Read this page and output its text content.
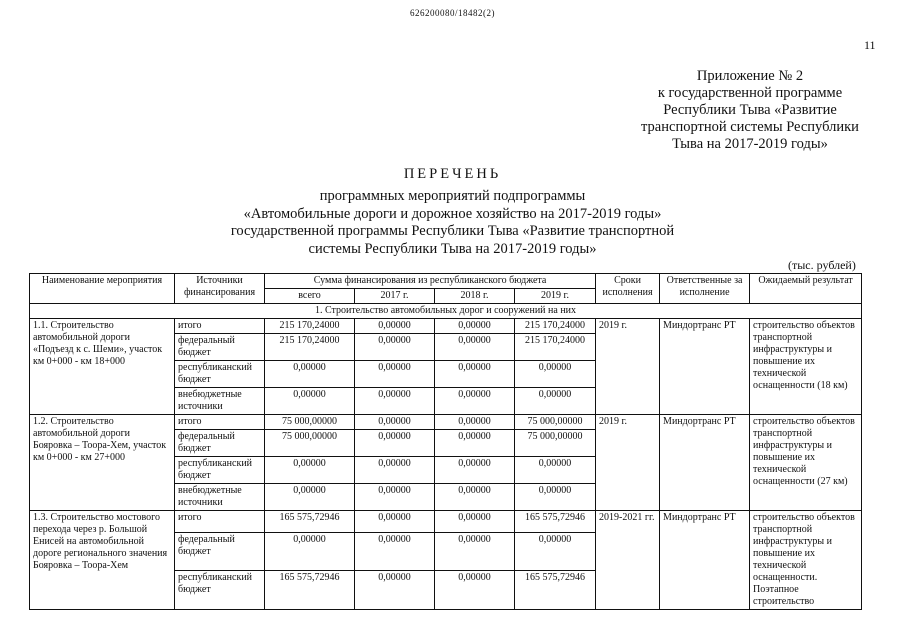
626200080/18482(2)
11
Приложение № 2
к государственной программе
Республики Тыва «Развитие
транспортной системы Республики
Тыва на 2017-2019 годы»
ПЕРЕЧЕНЬ
программных мероприятий подпрограммы
«Автомобильные дороги и дорожное хозяйство на 2017-2019 годы»
государственной программы Республики Тыва «Развитие транспортной
системы Республики Тыва на 2017-2019 годы»
(тыс. рублей)
Наименование мероприятия	Источники финансирования	Сумма финансирования из республиканского бюджета				Сроки исполнения	Ответственные за исполнение	Ожидаемый результат
		всего	2017 г.	2018 г.	2019 г.			
1. Строительство автомобильных дорог и сооружений на них								
1.1. Строительство автомобильной дороги «Подъезд к с. Шеми», участок км 0+000 - км 18+000	итого	215 170,24000	0,00000	0,00000	215 170,24000	2019 г.	Миндортранс РТ	строительство объектов транспортной инфраструктуры и повышение их технической оснащенности (18 км)
	федеральный бюджет	215 170,24000	0,00000	0,00000	215 170,24000			
	республиканский бюджет	0,00000	0,00000	0,00000	0,00000			
	внебюджетные источники	0,00000	0,00000	0,00000	0,00000			
1.2. Строительство автомобильной дороги Бояровка – Тоора-Хем, участок км 0+000 - км 27+000	итого	75 000,00000	0,00000	0,00000	75 000,00000	2019 г.	Миндортранс РТ	строительство объектов транспортной инфраструктуры и повышение их технической оснащенности (27 км)
	федеральный бюджет	75 000,00000	0,00000	0,00000	75 000,00000			
	республиканский бюджет	0,00000	0,00000	0,00000	0,00000			
	внебюджетные источники	0,00000	0,00000	0,00000	0,00000			
1.3. Строительство мостового перехода через р. Большой Енисей на автомобильной дороге регионального значения Бояровка – Тоора-Хем	итого	165 575,72946	0,00000	0,00000	165 575,72946	2019-2021 гг.	Миндортранс РТ	строительство объектов транспортной инфраструктуры и повышение их технической оснащенности. Поэтапное строительство
	федеральный бюджет	0,00000	0,00000	0,00000	0,00000			
	республиканский бюджет	165 575,72946	0,00000	0,00000	165 575,72946			
